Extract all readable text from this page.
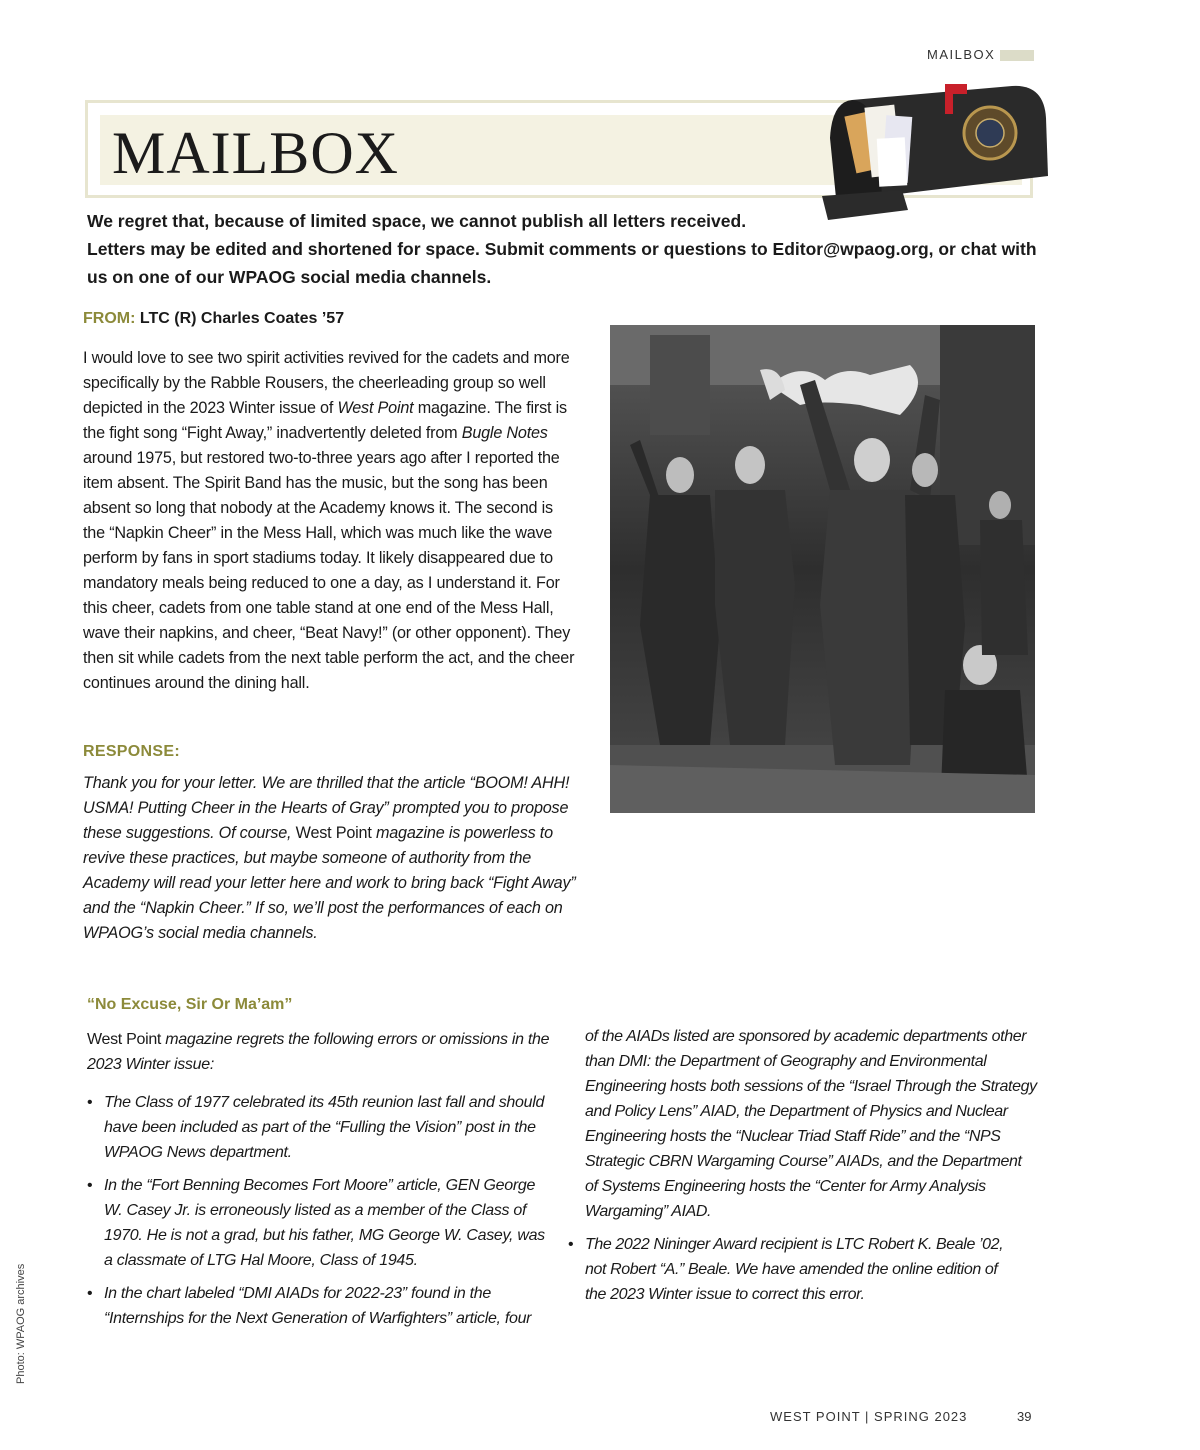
MAILBOX
MAILBOX
We regret that, because of limited space, we cannot publish all letters received.
Letters may be edited and shortened for space. Submit comments or questions to Editor@wpaog.org, or chat with us on one of our WPAOG social media channels.
FROM: LTC (R) Charles Coates ’57

I would love to see two spirit activities revived for the cadets and more specifically by the Rabble Rousers, the cheerleading group so well depicted in the 2023 Winter issue of West Point magazine. The first is the fight song “Fight Away,” inadvertently deleted from Bugle Notes around 1975, but restored two-to-three years ago after I reported the item absent. The Spirit Band has the music, but the song has been absent so long that nobody at the Academy knows it. The second is the “Napkin Cheer” in the Mess Hall, which was much like the wave perform by fans in sport stadiums today. It likely disappeared due to mandatory meals being reduced to one a day, as I understand it. For this cheer, cadets from one table stand at one end of the Mess Hall, wave their napkins, and cheer, “Beat Navy!” (or other opponent). They then sit while cadets from the next table perform the act, and the cheer continues around the dining hall.

RESPONSE:

Thank you for your letter. We are thrilled that the article “BOOM! AHH! USMA! Putting Cheer in the Hearts of Gray” prompted you to propose these suggestions. Of course, West Point magazine is powerless to revive these practices, but maybe someone of authority from the Academy will read your letter here and work to bring back “Fight Away” and the “Napkin Cheer.” If so, we’ll post the performances of each on WPAOG’s social media channels.

Photo: WPAOG archives
“No Excuse, Sir Or Ma’am”

West Point magazine regrets the following errors or omissions in the 2023 Winter issue:

• The Class of 1977 celebrated its 45th reunion last fall and should have been included as part of the “Fulling the Vision” post in the WPAOG News department.
• In the “Fort Benning Becomes Fort Moore” article, GEN George W. Casey Jr. is erroneously listed as a member of the Class of 1970. He is not a grad, but his father, MG George W. Casey, was a classmate of LTG Hal Moore, Class of 1945.
• In the chart labeled “DMI AIADs for 2022-23” found in the “Internships for the Next Generation of Warfighters” article, four

of the AIADs listed are sponsored by academic departments other than DMI: the Department of Geography and Environmental Engineering hosts both sessions of the “Israel Through the Strategy and Policy Lens” AIAD, the Department of Physics and Nuclear Engineering hosts the “Nuclear Triad Staff Ride” and the “NPS Strategic CBRN Wargaming Course” AIADs, and the Department of Systems Engineering hosts the “Center for Army Analysis Wargaming” AIAD.

• The 2022 Nininger Award recipient is LTC Robert K. Beale ’02, not Robert “A.” Beale. We have amended the online edition of the 2023 Winter issue to correct this error.
WEST POINT | SPRING 2023	39
